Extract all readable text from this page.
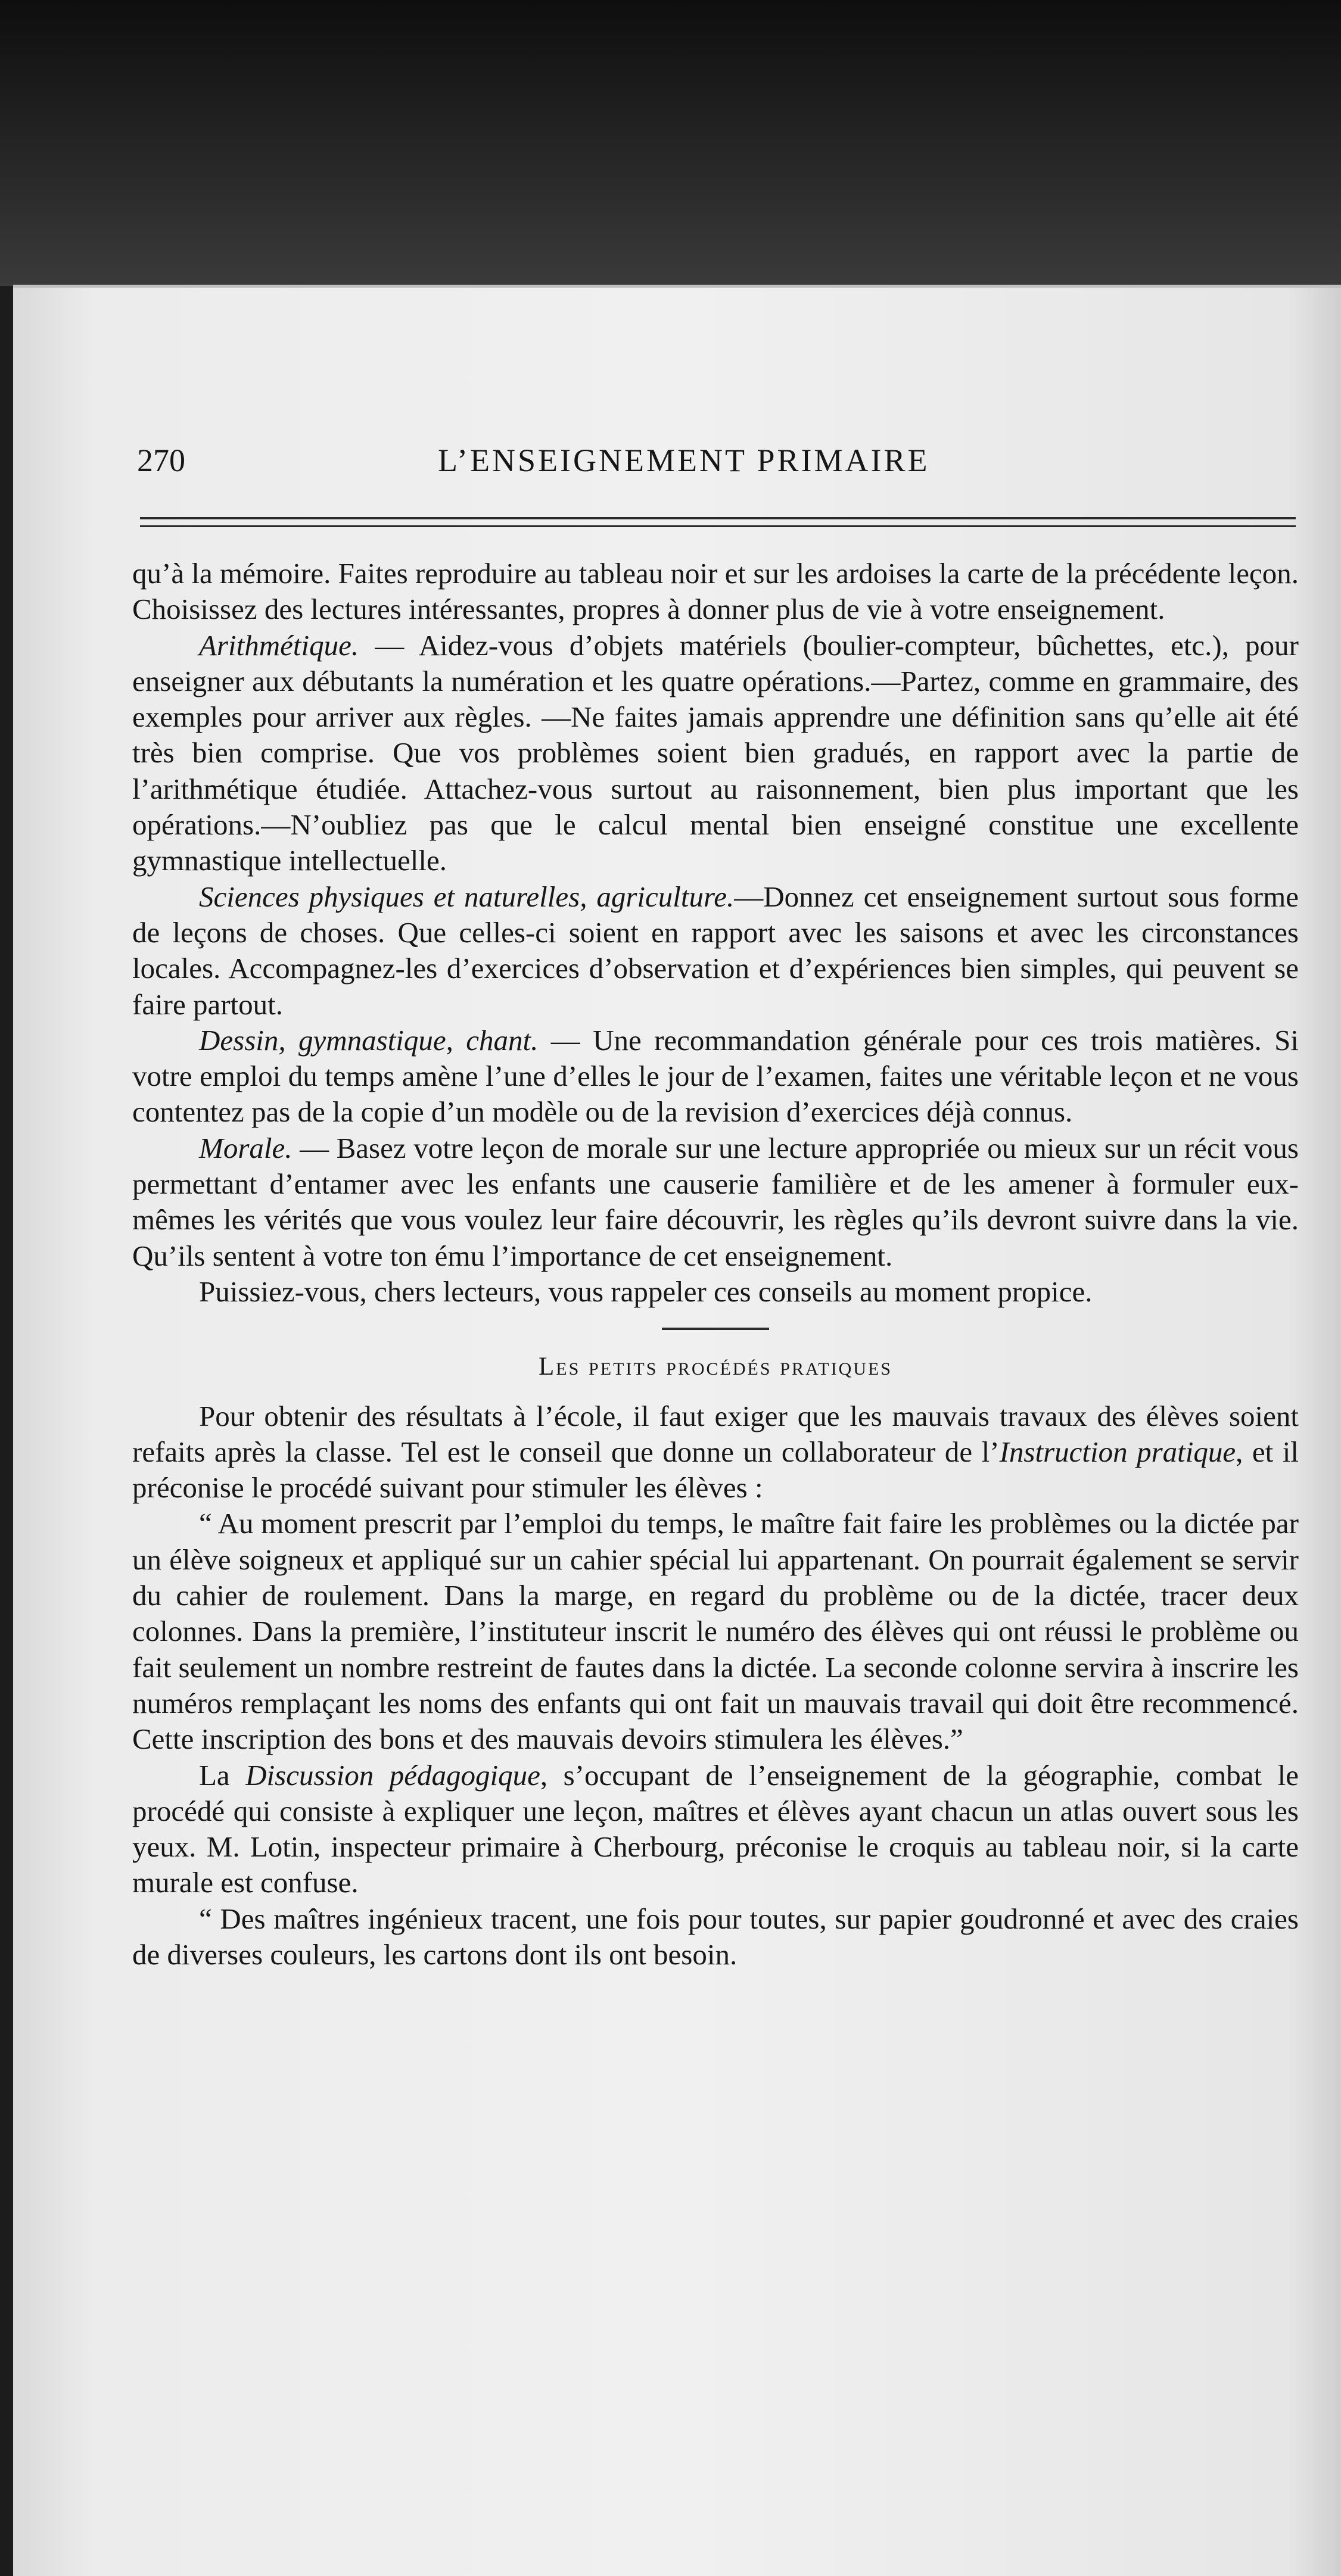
270	L’ENSEIGNEMENT PRIMAIRE

qu’à la mémoire. Faites reproduire au tableau noir et sur les ardoises la carte de la précédente leçon. Choisissez des lectures intéressantes, propres à donner plus de vie à votre enseignement.

Arithmétique. — Aidez-vous d’objets matériels (boulier-compteur, bûchettes, etc.), pour enseigner aux débutants la numération et les quatre opérations.—Partez, comme en grammaire, des exemples pour arriver aux règles. —Ne faites jamais apprendre une définition sans qu’elle ait été très bien comprise. Que vos problèmes soient bien gradués, en rapport avec la partie de l’arithmétique étudiée. Attachez-vous surtout au raisonnement, bien plus important que les opérations.—N’oubliez pas que le calcul mental bien enseigné constitue une excellente gymnastique intellectuelle.

Sciences physiques et naturelles, agriculture.—Donnez cet enseignement surtout sous forme de leçons de choses. Que celles-ci soient en rapport avec les saisons et avec les circonstances locales. Accompagnez-les d’exercices d’observation et d’expériences bien simples, qui peuvent se faire partout.

Dessin, gymnastique, chant. — Une recommandation générale pour ces trois matières. Si votre emploi du temps amène l’une d’elles le jour de l’examen, faites une véritable leçon et ne vous contentez pas de la copie d’un modèle ou de la revision d’exercices déjà connus.

Morale. — Basez votre leçon de morale sur une lecture appropriée ou mieux sur un récit vous permettant d’entamer avec les enfants une causerie familière et de les amener à formuler eux-mêmes les vérités que vous voulez leur faire découvrir, les règles qu’ils devront suivre dans la vie. Qu’ils sentent à votre ton ému l’importance de cet enseignement.

Puissiez-vous, chers lecteurs, vous rappeler ces conseils au moment propice.

Les petits procédés pratiques

Pour obtenir des résultats à l’école, il faut exiger que les mauvais travaux des élèves soient refaits après la classe. Tel est le conseil que donne un collaborateur de l’Instruction pratique, et il préconise le procédé suivant pour stimuler les élèves :

“ Au moment prescrit par l’emploi du temps, le maître fait faire les problèmes ou la dictée par un élève soigneux et appliqué sur un cahier spécial lui appartenant. On pourrait également se servir du cahier de roulement. Dans la marge, en regard du problème ou de la dictée, tracer deux colonnes. Dans la première, l’instituteur inscrit le numéro des élèves qui ont réussi le problème ou fait seulement un nombre restreint de fautes dans la dictée. La seconde colonne servira à inscrire les numéros remplaçant les noms des enfants qui ont fait un mauvais travail qui doit être recommencé. Cette inscription des bons et des mauvais devoirs stimulera les élèves.”

La Discussion pédagogique, s’occupant de l’enseignement de la géographie, combat le procédé qui consiste à expliquer une leçon, maîtres et élèves ayant chacun un atlas ouvert sous les yeux. M. Lotin, inspecteur primaire à Cherbourg, préconise le croquis au tableau noir, si la carte murale est confuse.

“ Des maîtres ingénieux tracent, une fois pour toutes, sur papier goudronné et avec des craies de diverses couleurs, les cartons dont ils ont besoin.
